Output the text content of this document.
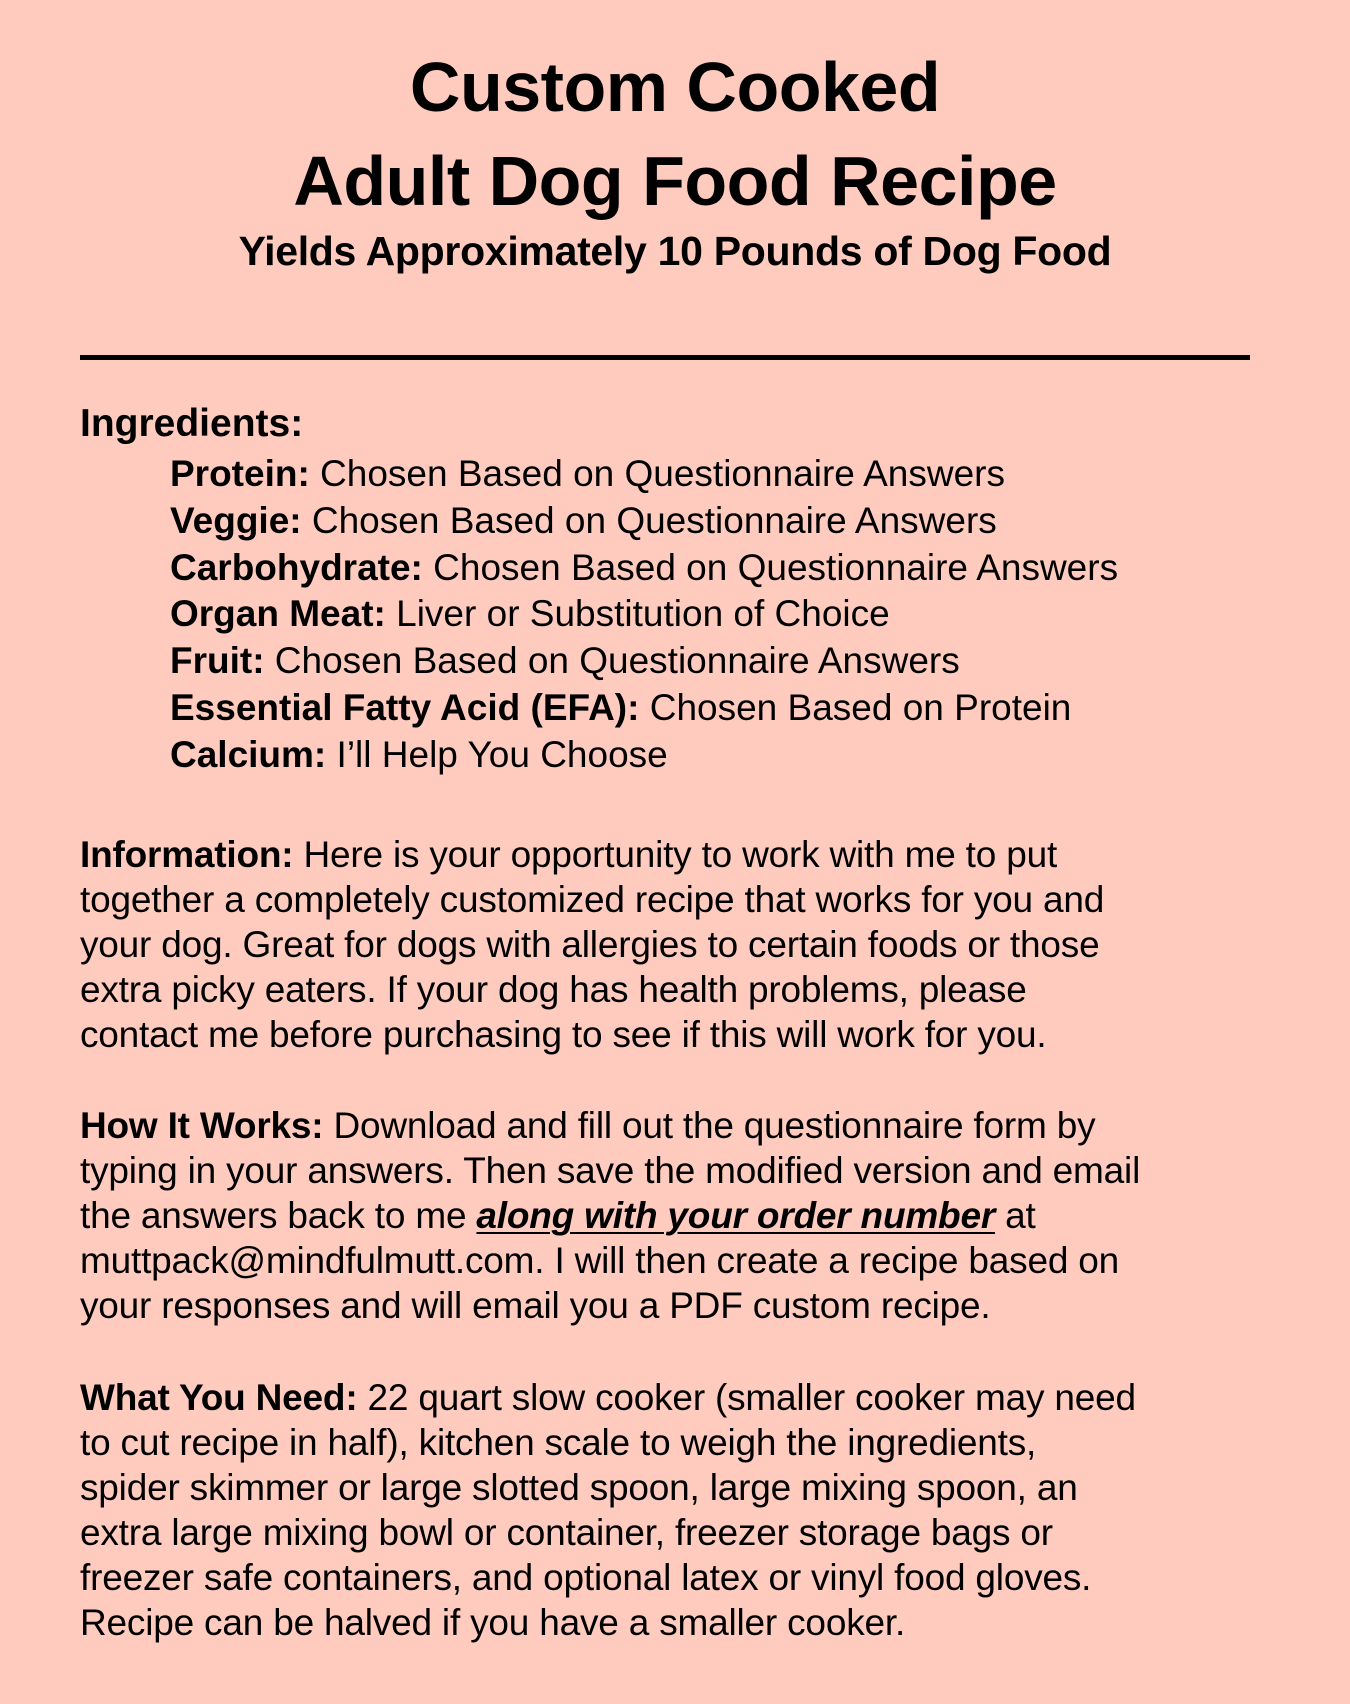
Custom Cooked
Adult Dog Food Recipe
Yields Approximately 10 Pounds of Dog Food
Ingredients:
Protein: Chosen Based on Questionnaire Answers
Veggie: Chosen Based on Questionnaire Answers
Carbohydrate: Chosen Based on Questionnaire Answers
Organ Meat: Liver or Substitution of Choice
Fruit: Chosen Based on Questionnaire Answers
Essential Fatty Acid (EFA): Chosen Based on Protein
Calcium: I’ll Help You Choose

Information: Here is your opportunity to work with me to put
together a completely customized recipe that works for you and
your dog. Great for dogs with allergies to certain foods or those
extra picky eaters. If your dog has health problems, please
contact me before purchasing to see if this will work for you.

How It Works: Download and fill out the questionnaire form by
typing in your answers. Then save the modified version and email
the answers back to me along with your order number at
muttpack@mindfulmutt.com. I will then create a recipe based on
your responses and will email you a PDF custom recipe.

What You Need: 22 quart slow cooker (smaller cooker may need
to cut recipe in half), kitchen scale to weigh the ingredients,
spider skimmer or large slotted spoon, large mixing spoon, an
extra large mixing bowl or container, freezer storage bags or
freezer safe containers, and optional latex or vinyl food gloves.
Recipe can be halved if you have a smaller cooker.
